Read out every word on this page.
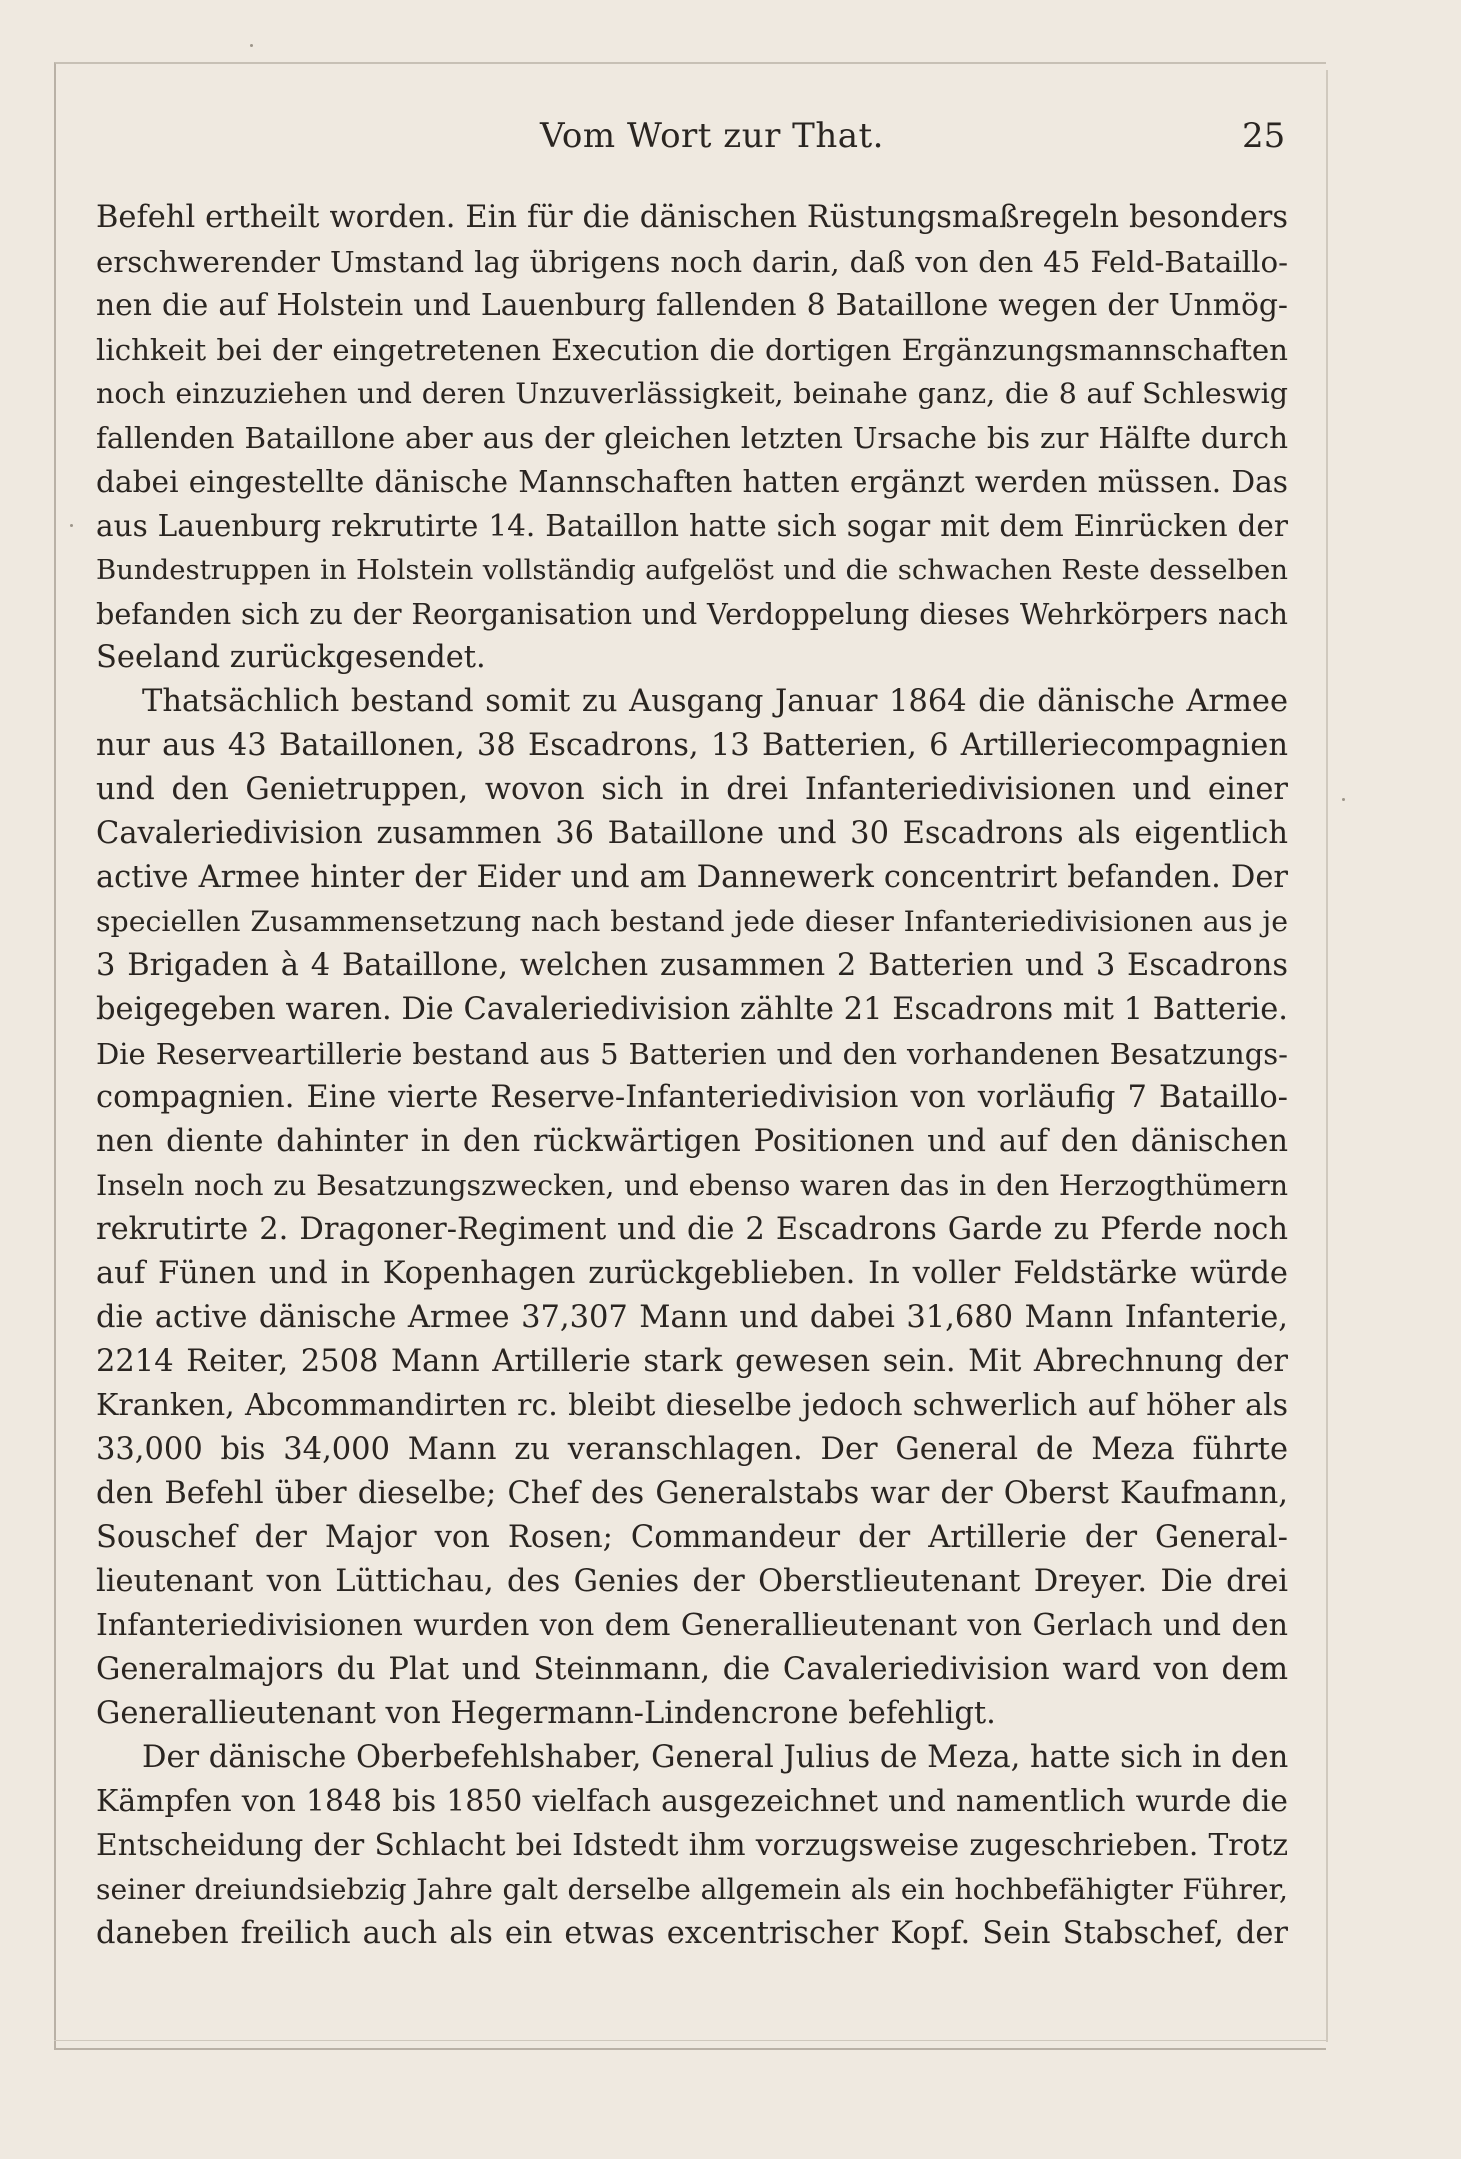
Vom Wort zur That.	25
Befehl ertheilt worden. Ein für die dänischen Rüstungsmaßregeln besonders
erschwerender Umstand lag übrigens noch darin, daß von den 45 Feld-Bataillo-
nen die auf Holstein und Lauenburg fallenden 8 Bataillone wegen der Unmög-
lichkeit bei der eingetretenen Execution die dortigen Ergänzungsmannschaften
noch einzuziehen und deren Unzuverlässigkeit, beinahe ganz, die 8 auf Schleswig
fallenden Bataillone aber aus der gleichen letzten Ursache bis zur Hälfte durch
dabei eingestellte dänische Mannschaften hatten ergänzt werden müssen. Das
aus Lauenburg rekrutirte 14. Bataillon hatte sich sogar mit dem Einrücken der
Bundestruppen in Holstein vollständig aufgelöst und die schwachen Reste desselben
befanden sich zu der Reorganisation und Verdoppelung dieses Wehrkörpers nach
Seeland zurückgesendet.
Thatsächlich bestand somit zu Ausgang Januar 1864 die dänische Armee
nur aus 43 Bataillonen, 38 Escadrons, 13 Batterien, 6 Artilleriecompagnien
und den Genietruppen, wovon sich in drei Infanteriedivisionen und einer
Cavaleriedivision zusammen 36 Bataillone und 30 Escadrons als eigentlich
active Armee hinter der Eider und am Dannewerk concentrirt befanden. Der
speciellen Zusammensetzung nach bestand jede dieser Infanteriedivisionen aus je
3 Brigaden à 4 Bataillone, welchen zusammen 2 Batterien und 3 Escadrons
beigegeben waren. Die Cavaleriedivision zählte 21 Escadrons mit 1 Batterie.
Die Reserveartillerie bestand aus 5 Batterien und den vorhandenen Besatzungs-
compagnien. Eine vierte Reserve-Infanteriedivision von vorläufig 7 Bataillo-
nen diente dahinter in den rückwärtigen Positionen und auf den dänischen
Inseln noch zu Besatzungszwecken, und ebenso waren das in den Herzogthümern
rekrutirte 2. Dragoner-Regiment und die 2 Escadrons Garde zu Pferde noch
auf Fünen und in Kopenhagen zurückgeblieben. In voller Feldstärke würde
die active dänische Armee 37,307 Mann und dabei 31,680 Mann Infanterie,
2214 Reiter, 2508 Mann Artillerie stark gewesen sein. Mit Abrechnung der
Kranken, Abcommandirten rc. bleibt dieselbe jedoch schwerlich auf höher als
33,000 bis 34,000 Mann zu veranschlagen. Der General de Meza führte
den Befehl über dieselbe; Chef des Generalstabs war der Oberst Kaufmann,
Souschef der Major von Rosen; Commandeur der Artillerie der General-
lieutenant von Lüttichau, des Genies der Oberstlieutenant Dreyer. Die drei
Infanteriedivisionen wurden von dem Generallieutenant von Gerlach und den
Generalmajors du Plat und Steinmann, die Cavaleriedivision ward von dem
Generallieutenant von Hegermann-Lindencrone befehligt.
Der dänische Oberbefehlshaber, General Julius de Meza, hatte sich in den
Kämpfen von 1848 bis 1850 vielfach ausgezeichnet und namentlich wurde die
Entscheidung der Schlacht bei Idstedt ihm vorzugsweise zugeschrieben. Trotz
seiner dreiundsiebzig Jahre galt derselbe allgemein als ein hochbefähigter Führer,
daneben freilich auch als ein etwas excentrischer Kopf. Sein Stabschef, der
